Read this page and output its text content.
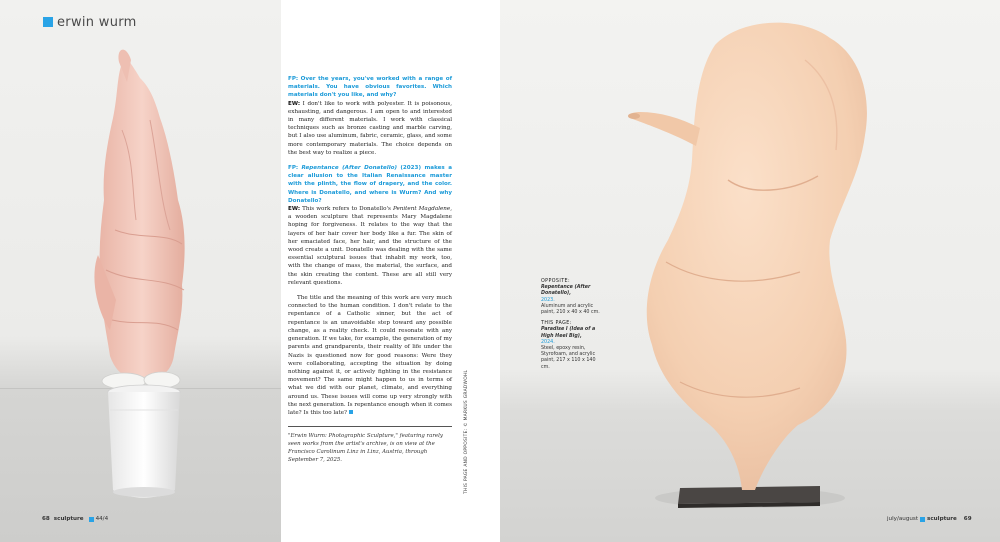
erwin wurm

FP: Over the years, you've worked with a range of materials. You have obvious favorites. Which materials don't you like, and why?
EW: I don't like to work with polyester. It is poisonous, exhausting, and dangerous. I am open to and interested in many different materials. I work with classical techniques such as bronze casting and marble carving, but I also use aluminum, fabric, ceramic, glass, and some more contemporary materials. The choice depends on the best way to realize a piece.

FP: Repentance (After Donatello) (2023) makes a clear allusion to the Italian Renaissance master with the plinth, the flow of drapery, and the color. Where is Donatello, and where is Wurm? And why Donatello?
EW: This work refers to Donatello's Penitent Magdalene, a wooden sculpture that represents Mary Magdalene hoping for forgiveness. It relates to the way that the layers of her hair cover her body like a fur. The skin of her emaciated face, her hair, and the structure of the wood create a unit. Donatello was dealing with the same essential sculptural issues that inhabit my work, too, with the change of mass, the material, the surface, and the skin creating the content. These are all still very relevant questions.

The title and the meaning of this work are very much connected to the human condition. I don't relate to the repentance of a Catholic sinner, but the act of repentance is an unavoidable step toward any possible change, as a reality check. It could resonate with any generation. If we take, for example, the generation of my parents and grandparents, their reality of life under the Nazis is questioned now for good reasons: Were they were collaborating, accepting the situation by doing nothing against it, or actively fighting in the resistance movement? The same might happen to us in terms of what we did with our planet, climate, and everything around us. These issues will come up very strongly with the next generation. Is repentance enough when it comes late? Is this too late?

"Erwin Wurm: Photographic Sculpture," featuring rarely seen works from the artist's archive, is on view at the Francisco Carolinum Linz in Linz, Austria, through September 7, 2025.	THIS PAGE AND OPPOSITE: © MARKUS GRADWOHL
OPPOSITE:
Repentance (After Donatello),
2023.
Aluminum and acrylic paint, 210 x 40 x 40 cm.
THIS PAGE:
Paradise I (Idea of a High Heel Big),
2024.
Steel, epoxy resin, Styrofoam, and acrylic paint, 217 x 110 x 140 cm.
68 sculpture 44/4	july/august sculpture 69
